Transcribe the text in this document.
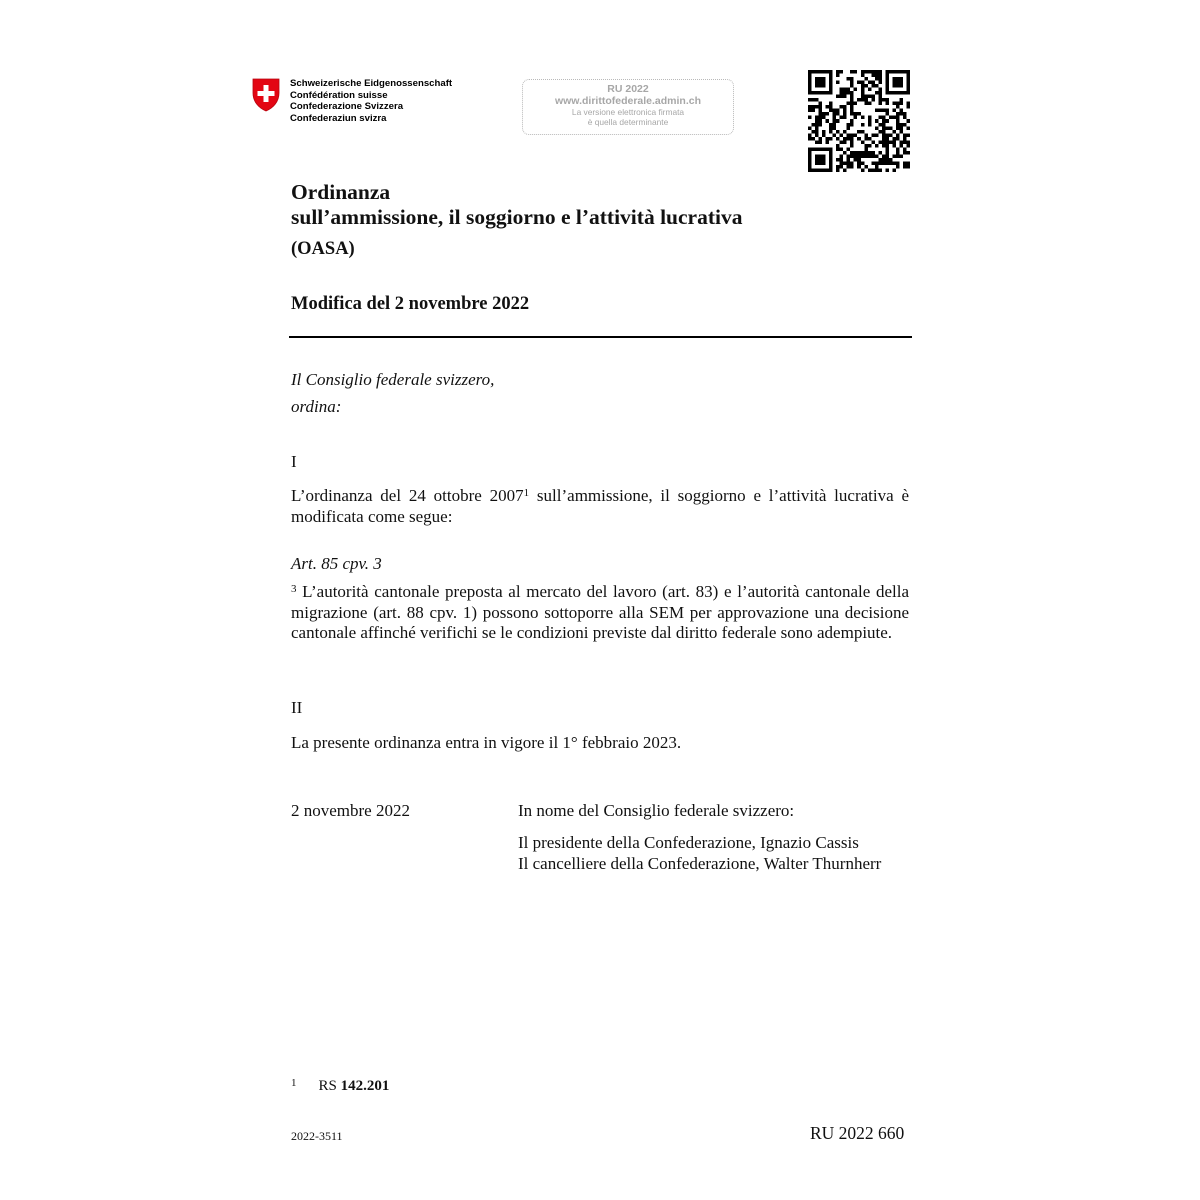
Schweizerische Eidgenossenschaft
Confédération suisse
Confederazione Svizzera
Confederaziun svizra
RU 2022
www.dirittofederale.admin.ch
La versione elettronica firmata
è quella determinante
Ordinanza
sull’ammissione, il soggiorno e l’attività lucrativa
(OASA)
Modifica del 2 novembre 2022
Il Consiglio federale svizzero,
ordina:
I
L’ordinanza del 24 ottobre 2007$^1$ sull’ammissione, il soggiorno e l’attività lucrativa è modificata come segue:
Art. 85 cpv. 3
$^3$ L’autorità cantonale preposta al mercato del lavoro (art. 83) e l’autorità cantonale della migrazione (art. 88 cpv. 1) possono sottoporre alla SEM per approvazione una decisione cantonale affinché verifichi se le condizioni previste dal diritto federale sono adempiute.
II
La presente ordinanza entra in vigore il 1° febbraio 2023.
2 novembre 2022	In nome del Consiglio federale svizzero:
Il presidente della Confederazione, Ignazio Cassis
Il cancelliere della Confederazione, Walter Thurnherr
$^1$ RS 142.201
2022-3511	RU 2022 660
